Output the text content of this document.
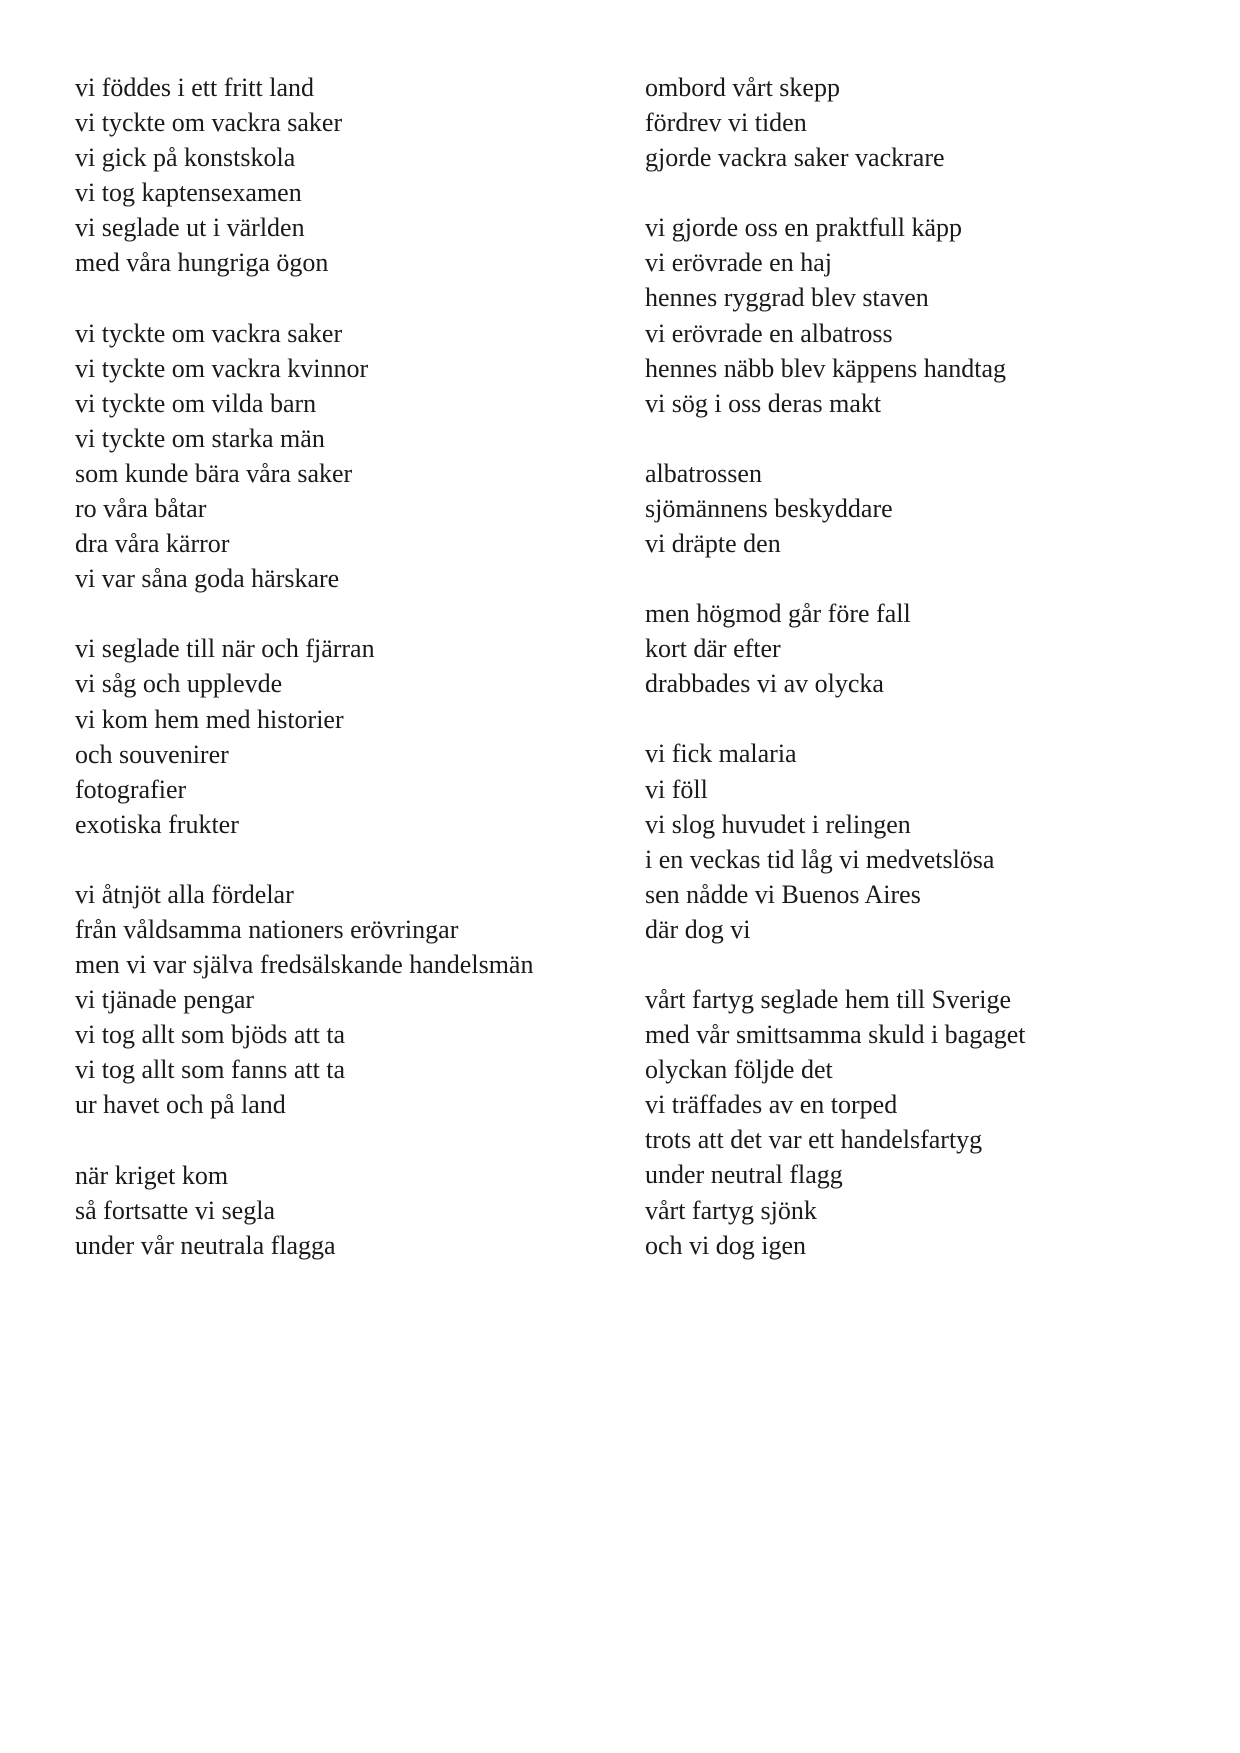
vi föddes i ett fritt land
vi tyckte om vackra saker
vi gick på konstskola
vi tog kaptensexamen
vi seglade ut i världen
med våra hungriga ögon
vi tyckte om vackra saker
vi tyckte om vackra kvinnor
vi tyckte om vilda barn
vi tyckte om starka män
som kunde bära våra saker
ro våra båtar
dra våra kärror
vi var såna goda härskare
vi seglade till när och fjärran
vi såg och upplevde
vi kom hem med historier
och souvenirer
fotografier
exotiska frukter
vi åtnjöt alla fördelar
från våldsamma nationers erövringar
men vi var själva fredsälskande handelsmän
vi tjänade pengar
vi tog allt som bjöds att ta
vi tog allt som fanns att ta
ur havet och på land
när kriget kom
så fortsatte vi segla
under vår neutrala flagga
ombord vårt skepp
fördrev vi tiden
gjorde vackra saker vackrare
vi gjorde oss en praktfull käpp
vi erövrade en haj
hennes ryggrad blev staven
vi erövrade en albatross
hennes näbb blev käppens handtag
vi sög i oss deras makt
albatrossen
sjömännens beskyddare
vi dräpte den
men högmod går före fall
kort där efter
drabbades vi av olycka
vi fick malaria
vi föll
vi slog huvudet i relingen
i en veckas tid låg vi medvetslösa
sen nådde vi Buenos Aires
där dog vi
vårt fartyg seglade hem till Sverige
med vår smittsamma skuld i bagaget
olyckan följde det
vi träffades av en torped
trots att det var ett handelsfartyg
under neutral flagg
vårt fartyg sjönk
och vi dog igen
